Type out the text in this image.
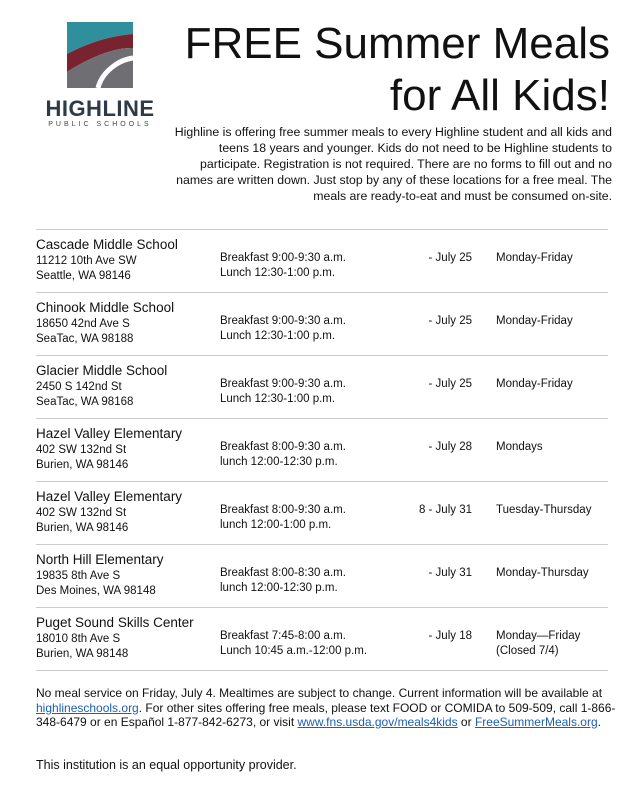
HIGHLINE
PUBLIC SCHOOLS
FREE Summer Meals
for All Kids!

Highline is offering free summer meals to every Highline student and all kids and teens 18 years and younger. Kids do not need to be Highline students to participate. Registration is not required. There are no forms to fill out and no names are written down. Just stop by any of these locations for a free meal. The meals are ready-to-eat and must be consumed on-site.

Cascade Middle School
11212 10th Ave SW
Seattle, WA 98146
Breakfast 9:00-9:30 a.m.
Lunch 12:30-1:00 p.m.
- July 25 Monday-Friday
Chinook Middle School
18650 42nd Ave S
SeaTac, WA 98188
Breakfast 9:00-9:30 a.m.
Lunch 12:30-1:00 p.m.
- July 25 Monday-Friday
Glacier Middle School
2450 S 142nd St
SeaTac, WA 98168
Breakfast 9:00-9:30 a.m.
Lunch 12:30-1:00 p.m.
- July 25 Monday-Friday
Hazel Valley Elementary
402 SW 132nd St
Burien, WA 98146
Breakfast 8:00-9:30 a.m.
lunch 12:00-12:30 p.m.
- July 28 Mondays
Hazel Valley Elementary
402 SW 132nd St
Burien, WA 98146
Breakfast 8:00-9:30 a.m.
lunch 12:00-1:00 p.m.
8 - July 31 Tuesday-Thursday
North Hill Elementary
19835 8th Ave S
Des Moines, WA 98148
Breakfast 8:00-8:30 a.m.
lunch 12:00-12:30 p.m.
- July 31 Monday-Thursday
Puget Sound Skills Center
18010 8th Ave S
Burien, WA 98148
Breakfast 7:45-8:00 a.m.
Lunch 10:45 a.m.-12:00 p.m.
- July 18 Monday—Friday
(Closed 7/4)

No meal service on Friday, July 4. Mealtimes are subject to change. Current information will be available at highlineschools.org. For other sites offering free meals, please text FOOD or COMIDA to 509-509, call 1-866-348-6479 or en Español 1-877-842-6273, or visit www.fns.usda.gov/meals4kids or FreeSummerMeals.org.

This institution is an equal opportunity provider.
